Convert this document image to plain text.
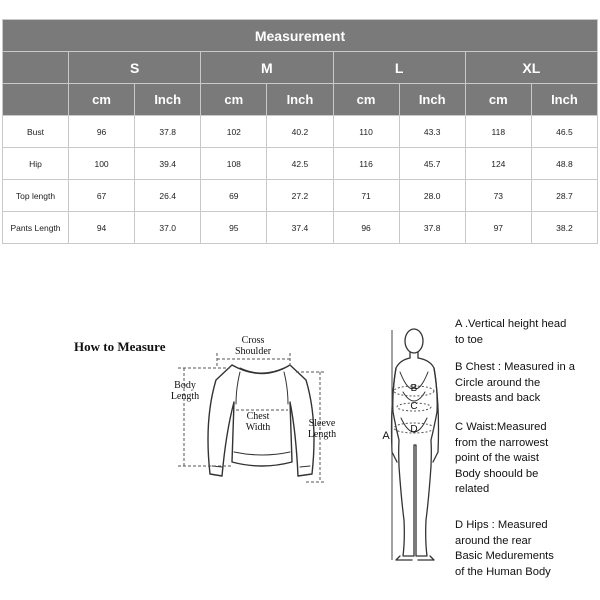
Measurement								
	S		M		L		XL	
	cm	Inch	cm	Inch	cm	Inch	cm	Inch
Bust	96	37.8	102	40.2	110	43.3	118	46.5
Hip	100	39.4	108	42.5	116	45.7	124	48.8
Top length	67	26.4	69	27.2	71	28.0	73	28.7
Pants Length	94	37.0	95	37.4	96	37.8	97	38.2
How to Measure	Cross
Shoulder
Body
Length
Chest
Width	Sleeve
Length	A
B
C
D
A .Vertical height head
to toe
B Chest : Measured in a
Circle around the
breasts and back
C Waist:Measured
from the narrowest
point of the waist
Body shoould be
related
D Hips : Measured
around the rear
Basic Medurements
of the Human Body
